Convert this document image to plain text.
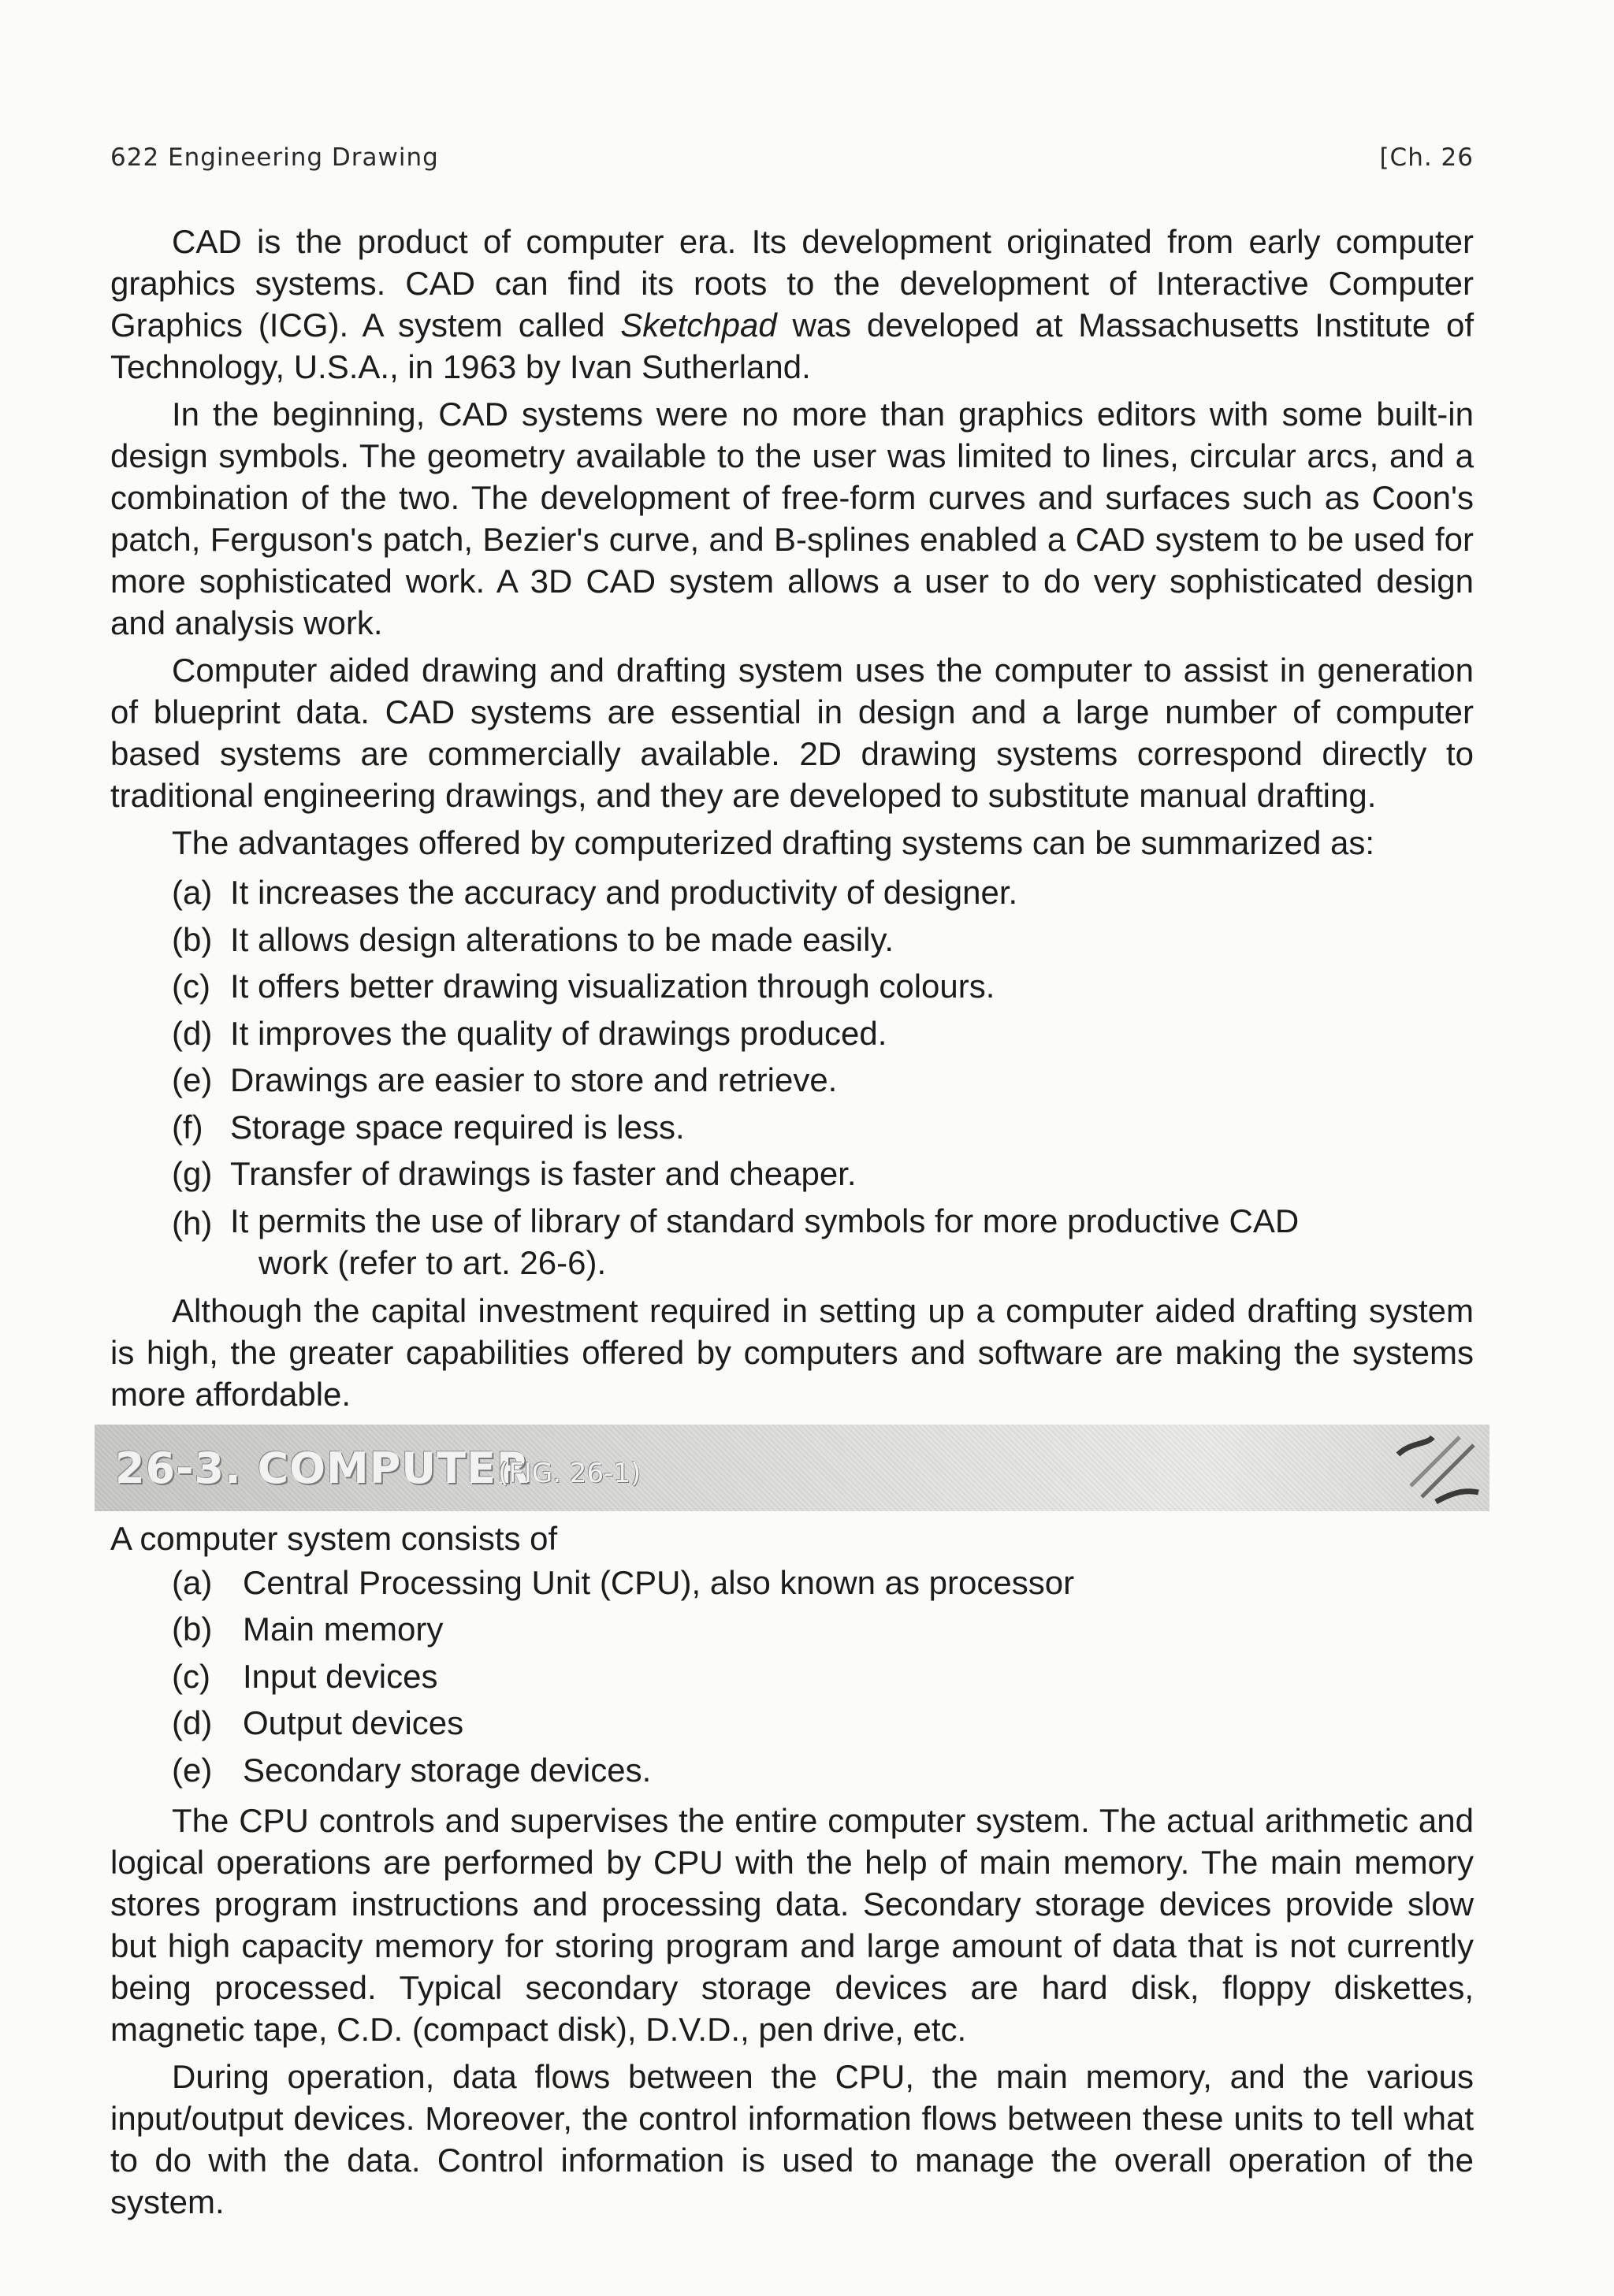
622 Engineering Drawing	[Ch. 26

CAD is the product of computer era. Its development originated from early computer graphics systems. CAD can find its roots to the development of Interactive Computer Graphics (ICG). A system called Sketchpad was developed at Massachusetts Institute of Technology, U.S.A., in 1963 by Ivan Sutherland.

In the beginning, CAD systems were no more than graphics editors with some built-in design symbols. The geometry available to the user was limited to lines, circular arcs, and a combination of the two. The development of free-form curves and surfaces such as Coon's patch, Ferguson's patch, Bezier's curve, and B-splines enabled a CAD system to be used for more sophisticated work. A 3D CAD system allows a user to do very sophisticated design and analysis work.

Computer aided drawing and drafting system uses the computer to assist in generation of blueprint data. CAD systems are essential in design and a large number of computer based systems are commercially available. 2D drawing systems correspond directly to traditional engineering drawings, and they are developed to substitute manual drafting.

The advantages offered by computerized drafting systems can be summarized as:

(a) It increases the accuracy and productivity of designer.
(b) It allows design alterations to be made easily.
(c) It offers better drawing visualization through colours.
(d) It improves the quality of drawings produced.
(e) Drawings are easier to store and retrieve.
(f) Storage space required is less.
(g) Transfer of drawings is faster and cheaper.
(h) It permits the use of library of standard symbols for more productive CAD
work (refer to art. 26-6).

Although the capital investment required in setting up a computer aided drafting system is high, the greater capabilities offered by computers and software are making the systems more affordable.

26-3. COMPUTER
(FIG. 26-1)

A computer system consists of

(a) Central Processing Unit (CPU), also known as processor
(b) Main memory
(c) Input devices
(d) Output devices
(e) Secondary storage devices.

The CPU controls and supervises the entire computer system. The actual arithmetic and logical operations are performed by CPU with the help of main memory. The main memory stores program instructions and processing data. Secondary storage devices provide slow but high capacity memory for storing program and large amount of data that is not currently being processed. Typical secondary storage devices are hard disk, floppy diskettes, magnetic tape, C.D. (compact disk), D.V.D., pen drive, etc.

During operation, data flows between the CPU, the main memory, and the various input/output devices. Moreover, the control information flows between these units to tell what to do with the data. Control information is used to manage the overall operation of the system.
